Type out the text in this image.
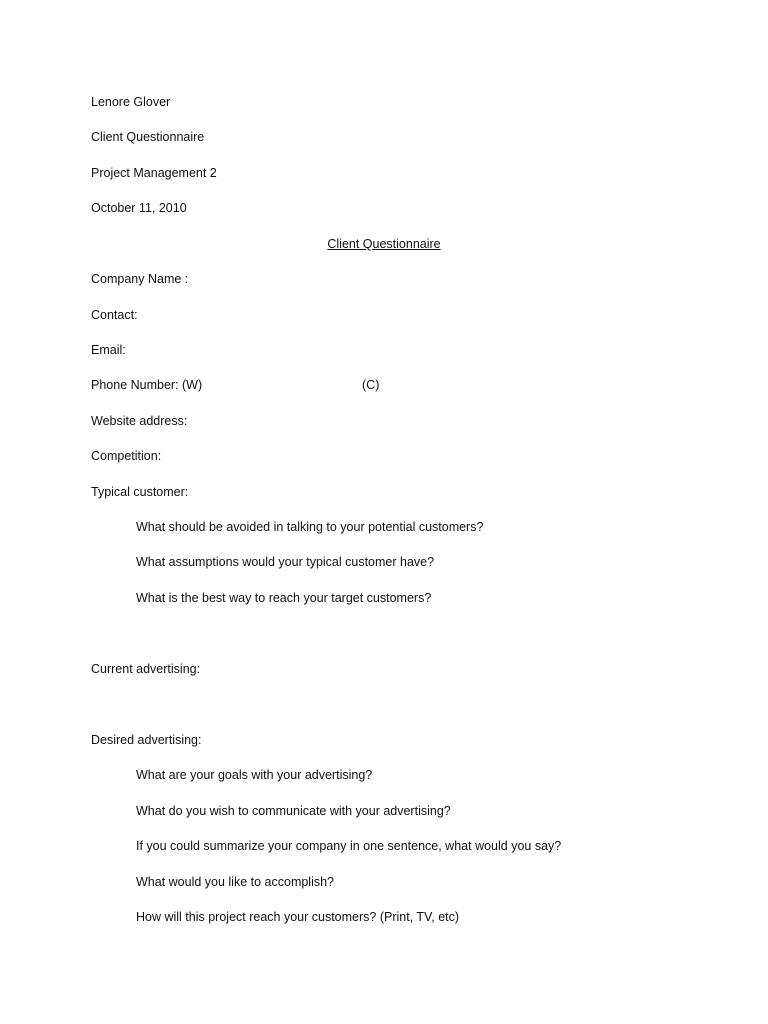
Lenore Glover
Client Questionnaire
Project Management 2
October 11, 2010
Client Questionnaire
Company Name :
Contact:
Email:
Phone Number: (W)	(C)
Website address:
Competition:
Typical customer:
What should be avoided in talking to your potential customers?
What assumptions would your typical customer have?
What is the best way to reach your target customers?
Current advertising:
Desired advertising:
What are your goals with your advertising?
What do you wish to communicate with your advertising?
If you could summarize your company in one sentence, what would you say?
What would you like to accomplish?
How will this project reach your customers? (Print, TV, etc)
